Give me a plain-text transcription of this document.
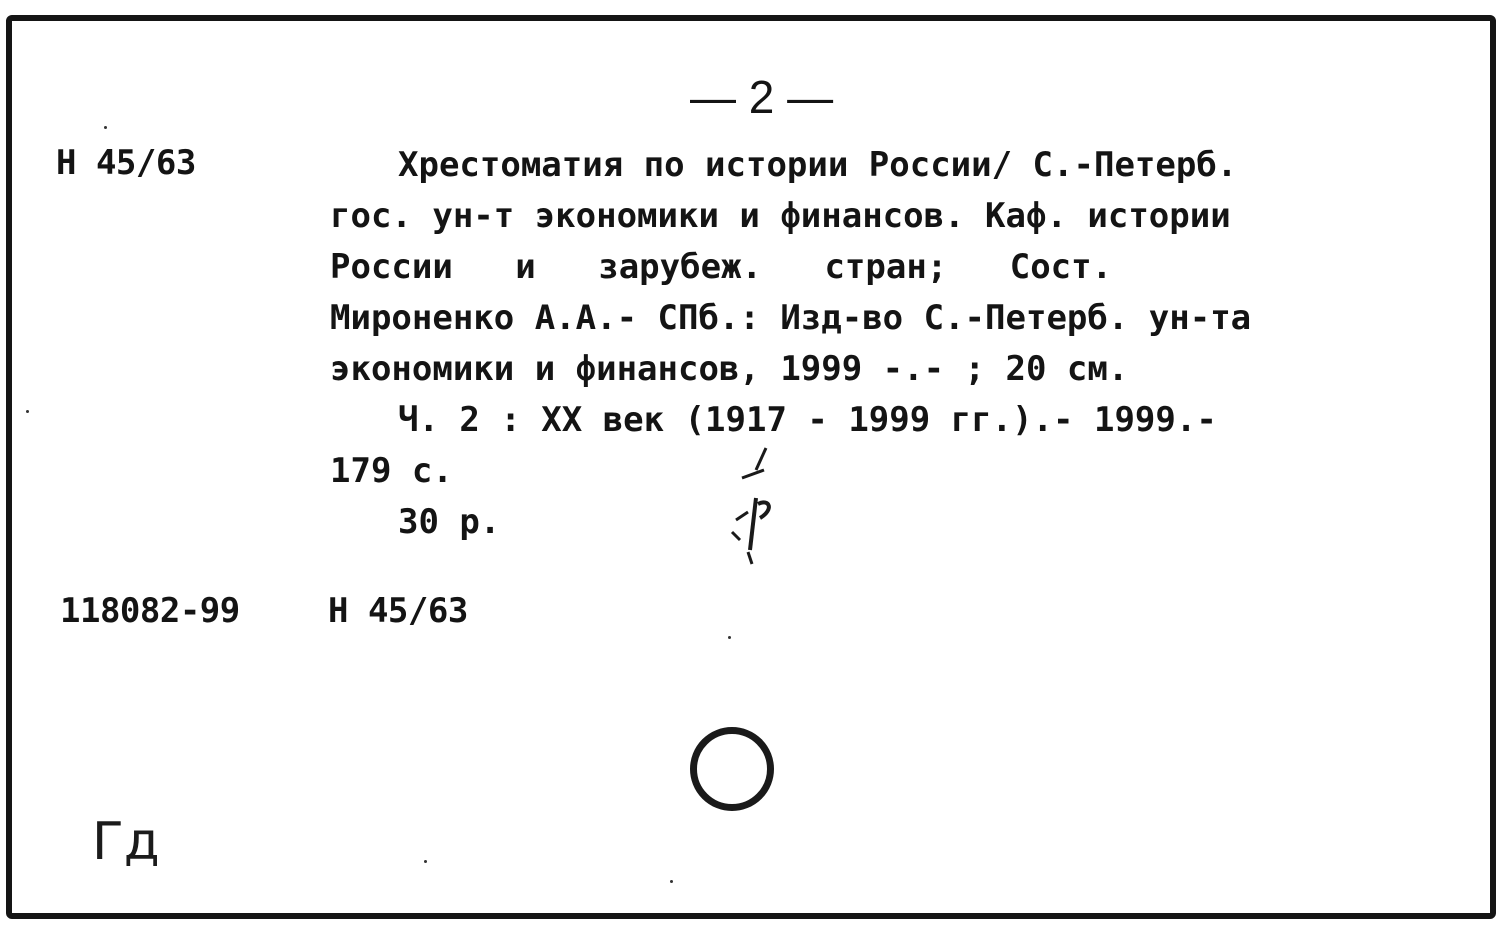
— 2 —
Н 45/63	Хрестоматия по истории России/ С.-Петерб.
гос. ун-т экономики и финансов. Каф. истории
России и зарубеж. стран; Сост.
Мироненко А.А.- СПб.: Изд-во С.-Петерб. ун-та
экономики и финансов, 1999 -.- ; 20 см.
Ч. 2 : XX век (1917 - 1999 гг.).- 1999.-
179 с.
30 р.
118082-99	Н 45/63
Гд
